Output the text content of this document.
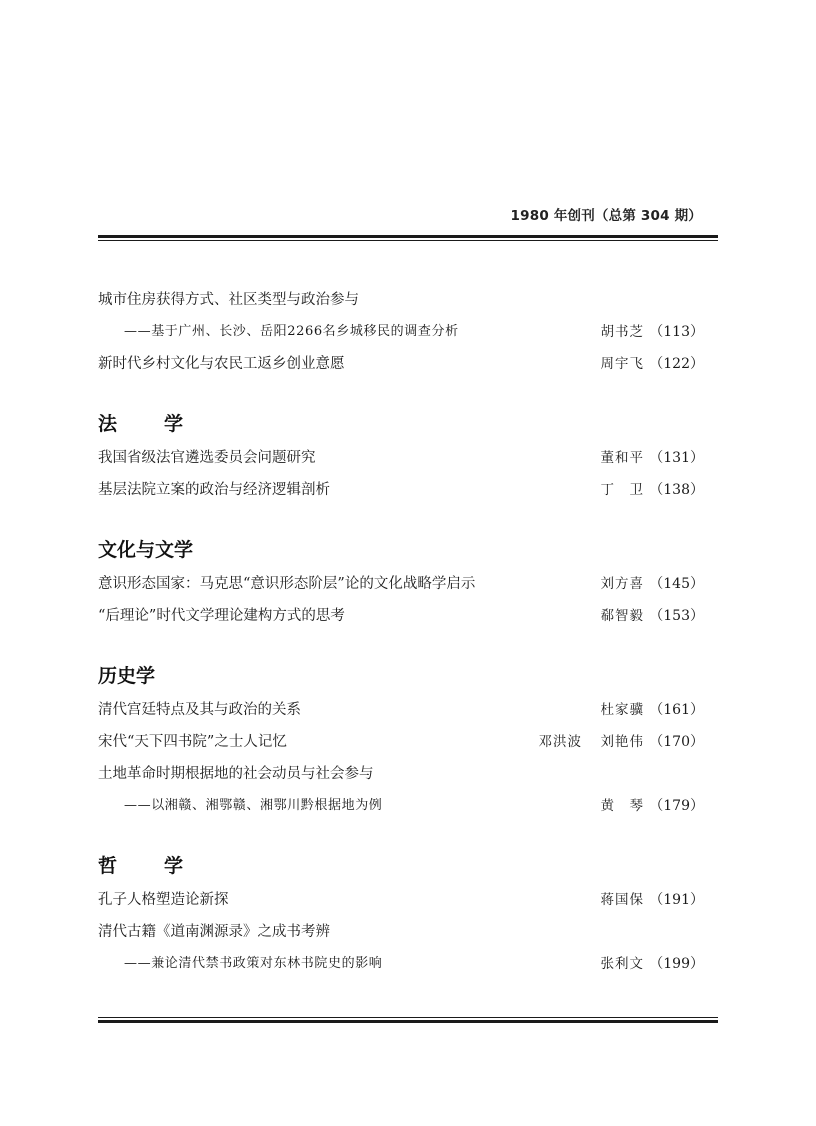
1980 年创刊（总第 304 期）
城市住房获得方式、社区类型与政治参与
——基于广州、长沙、岳阳2266名乡城移民的调查分析	胡书芝 （113）
新时代乡村文化与农民工返乡创业意愿	周宇飞 （122）
法　学
我国省级法官遴选委员会问题研究	董和平 （131）
基层法院立案的政治与经济逻辑剖析	丁　卫 （138）
文化与文学
意识形态国家：马克思“意识形态阶层”论的文化战略学启示	刘方喜 （145）
“后理论”时代文学理论建构方式的思考	郗智毅 （153）
历史学
清代宫廷特点及其与政治的关系	杜家骥 （161）
宋代“天下四书院”之士人记忆	邓洪波 刘艳伟 （170）
土地革命时期根据地的社会动员与社会参与
——以湘赣、湘鄂赣、湘鄂川黔根据地为例	黄　琴 （179）
哲　学
孔子人格塑造论新探	蒋国保 （191）
清代古籍《道南渊源录》之成书考辨
——兼论清代禁书政策对东林书院史的影响	张利文 （199）
